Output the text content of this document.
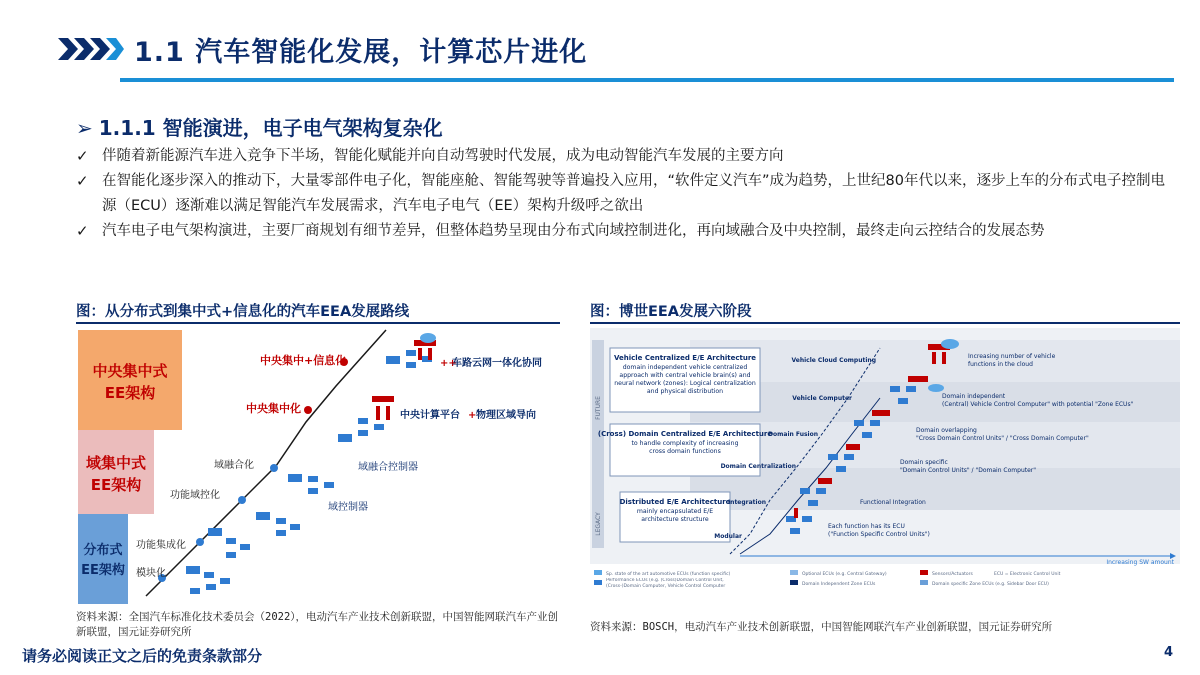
1.1 汽车智能化发展，计算芯片进化
➢ 1.1.1 智能演进，电子电气架构复杂化
✓ 伴随着新能源汽车进入竞争下半场，智能化赋能并向自动驾驶时代发展，成为电动智能汽车发展的主要方向
✓ 在智能化逐步深入的推动下，大量零部件电子化，智能座舱、智能驾驶等普遍投入应用，“软件定义汽车”成为趋势，上世纪80年代以来，逐步上车的分布式电子控制电源（ECU）逐渐难以满足智能汽车发展需求，汽车电子电气（EE）架构升级呼之欲出
✓ 汽车电子电气架构演进，主要厂商规划有细节差异，但整体趋势呈现由分布式向域控制进化，再向域融合及中央控制，最终走向云控结合的发展态势
图：从分布式到集中式+信息化的汽车EEA发展路线
中央集中式
EE架构
域集中式
EE架构
分布式
EE架构 模块化
功能集成化
功能域控化
域融合化
中央集中化
中央集中+信息化	++
车路云网一体化协同
中央计算平台 + 物理区域导向
域融合控制器
域控制器
资料来源：全国汽车标准化技术委员会（2022），电动汽车产业技术创新联盟，中国智能网联汽车产业创新联盟，国元证券研究所
图：博世EEA发展六阶段
FUTURE
LEGACY
Vehicle Centralized E/E Architecture
domain independent vehicle centralized approach with central vehicle brain(s) and neural network (zones): Logical centralization and physical distribution
(Cross) Domain Centralized E/E Architecture
to handle complexity of increasing cross domain functions
Distributed E/E Architecture
mainly encapsulated E/E architecture structure
Modular
Integration
Domain Centralization
Domain Fusion
Vehicle Computer
Vehicle Cloud Computing
Each function has its ECU
("Function Specific Control Units")
Functional Integration
Domain specific
"Domain Control Units" / "Domain Computer"
Domain overlapping
"Cross Domain Control Units" / "Cross Domain Computer"
Domain independent
(Central) Vehicle Control Computer" with potential "Zone ECUs"
Increasing number of vehicle
functions in the cloud
Increasing SW amount
Sp. state of the art automotive ECUs (function specific)
Performance ECUs (e.g. (Cross)Domain Control Unit, (Cross-)Domain Computer, Vehicle Control Computer
Optional ECUs (e.g. Central Gateway)
Domain Independent Zone ECUs
Sensors/Actuators
Domain specific Zone ECUs (e.g. Sidebar Door ECU)
ECU = Electronic Control Unit
资料来源：BOSCH，电动汽车产业技术创新联盟，中国智能网联汽车产业创新联盟，国元证券研究所
请务必阅读正文之后的免责条款部分	4
